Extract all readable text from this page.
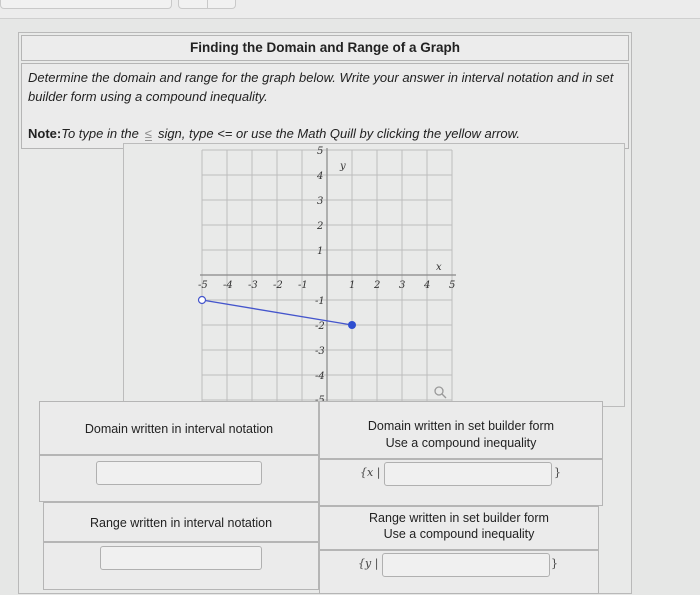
Finding the Domain and Range of a Graph

Determine the domain and range for the graph below. Write your answer in interval notation and in set builder form using a compound inequality.

Note:To type in the ≤ sign, type <= or use the Math Quill by clicking the yellow arrow.

-5 -4 -3 -2 -1	1 2 3 4 5
5
4
3
2
1
-1
-2
-3
-4
y
x
Domain written in interval notation	Domain written in set builder form
Use a compound inequality
{x |	}
Range written in interval notation	Range written in set builder form
Use a compound inequality
{y |	}
